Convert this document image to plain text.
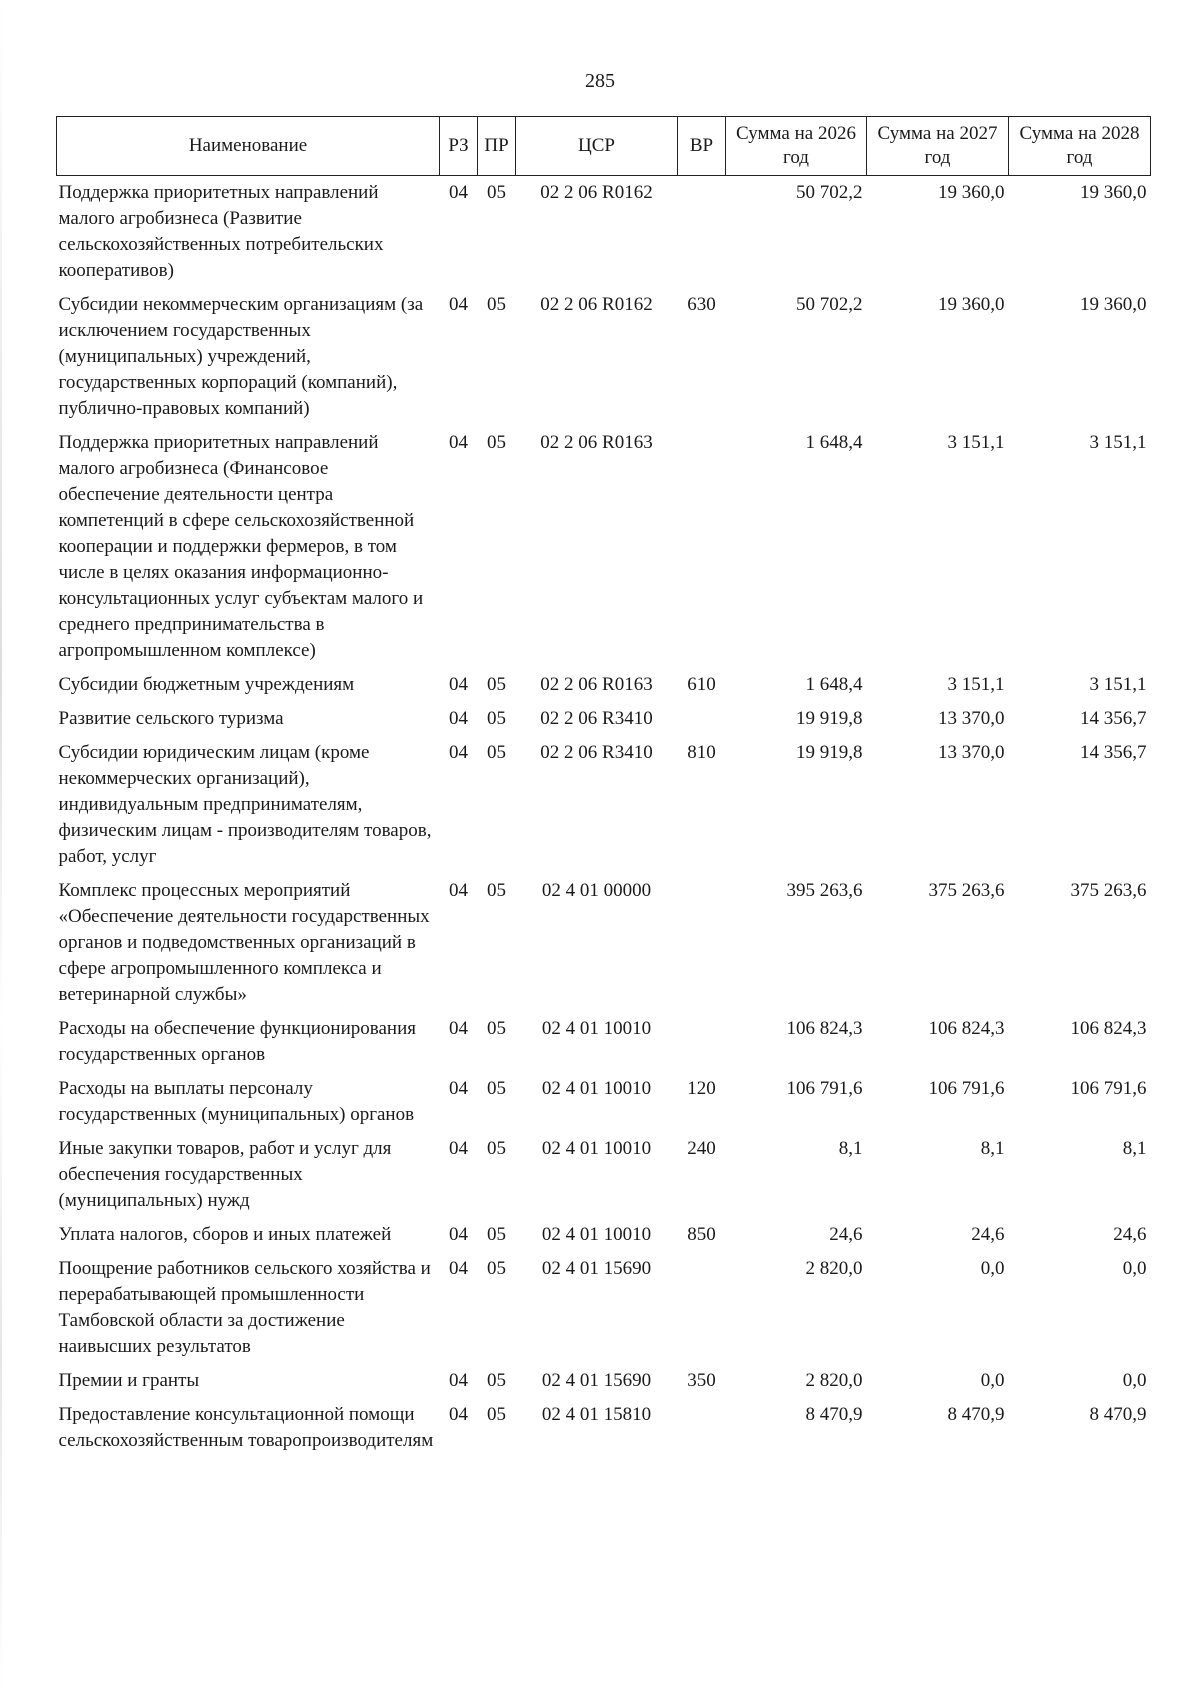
285
Наименование	РЗ	ПР	ЦСР	ВР	Сумма на 2026 год	Сумма на 2027 год	Сумма на 2028 год
Поддержка приоритетных направлений малого агробизнеса (Развитие сельскохозяйственных потребительских кооперативов)	04	05	02 2 06 R0162		50 702,2	19 360,0	19 360,0
Субсидии некоммерческим организациям (за исключением государственных (муниципальных) учреждений, государственных корпораций (компаний), публично-правовых компаний)	04	05	02 2 06 R0162	630	50 702,2	19 360,0	19 360,0
Поддержка приоритетных направлений малого агробизнеса (Финансовое обеспечение деятельности центра компетенций в сфере сельскохозяйственной кооперации и поддержки фермеров, в том числе в целях оказания информационно-консультационных услуг субъектам малого и среднего предпринимательства в агропромышленном комплексе)	04	05	02 2 06 R0163		1 648,4	3 151,1	3 151,1
Субсидии бюджетным учреждениям	04	05	02 2 06 R0163	610	1 648,4	3 151,1	3 151,1
Развитие сельского туризма	04	05	02 2 06 R3410		19 919,8	13 370,0	14 356,7
Субсидии юридическим лицам (кроме некоммерческих организаций), индивидуальным предпринимателям, физическим лицам - производителям товаров, работ, услуг	04	05	02 2 06 R3410	810	19 919,8	13 370,0	14 356,7
Комплекс процессных мероприятий «Обеспечение деятельности государственных органов и подведомственных организаций в сфере агропромышленного комплекса и ветеринарной службы»	04	05	02 4 01 00000		395 263,6	375 263,6	375 263,6
Расходы на обеспечение функционирования государственных органов	04	05	02 4 01 10010		106 824,3	106 824,3	106 824,3
Расходы на выплаты персоналу государственных (муниципальных) органов	04	05	02 4 01 10010	120	106 791,6	106 791,6	106 791,6
Иные закупки товаров, работ и услуг для обеспечения государственных (муниципальных) нужд	04	05	02 4 01 10010	240	8,1	8,1	8,1
Уплата налогов, сборов и иных платежей	04	05	02 4 01 10010	850	24,6	24,6	24,6
Поощрение работников сельского хозяйства и перерабатывающей промышленности Тамбовской области за достижение наивысших результатов	04	05	02 4 01 15690		2 820,0	0,0	0,0
Премии и гранты	04	05	02 4 01 15690	350	2 820,0	0,0	0,0
Предоставление консультационной помощи сельскохозяйственным товаропроизводителям	04	05	02 4 01 15810		8 470,9	8 470,9	8 470,9
